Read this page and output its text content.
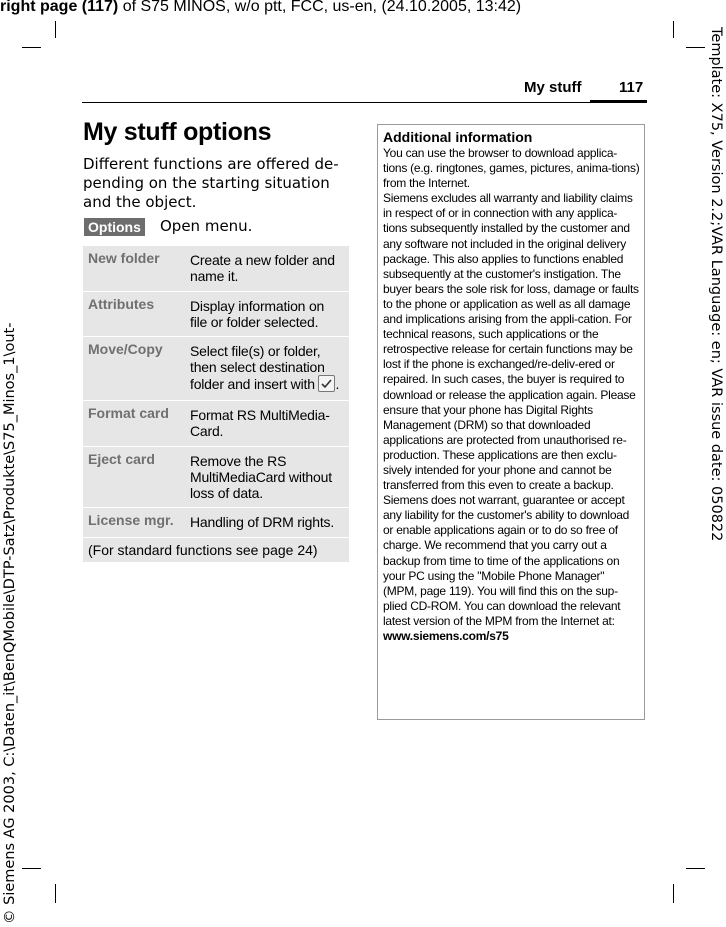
right page (117) of S75 MINOS, w/o ptt, FCC, us-en, (24.10.2005, 13:42)
© Siemens AG 2003, C:\Daten_it\BenQMobile\DTP-Satz\Produkte\S75_Minos_1\out-
Template: X75, Version 2.2;VAR Language: en; VAR issue date: 050822
My stuff	117
My stuff options
Different functions are offered de-pending on the starting situation and the object.
Options Open menu.
New folder	Create a new folder and name it.
Attributes	Display information on file or folder selected.
Move/Copy	Select file(s) or folder, then select destination folder and insert with .
Format card	Format RS MultiMedia-Card.
Eject card	Remove the RS MultiMediaCard without loss of data.
License mgr.	Handling of DRM rights.
(For standard functions see page 24)
Additional information
You can use the browser to download applica-tions (e.g. ringtones, games, pictures, anima-tions) from the Internet.
Siemens excludes all warranty and liability claims in respect of or in connection with any applica-tions subsequently installed by the customer and any software not included in the original delivery package. This also applies to functions enabled subsequently at the customer's instigation. The buyer bears the sole risk for loss, damage or faults to the phone or application as well as all damage and implications arising from the appli-cation. For technical reasons, such applications or the retrospective release for certain functions may be lost if the phone is exchanged/re-deliv-ered or repaired. In such cases, the buyer is required to download or release the application again. Please ensure that your phone has Digital Rights Management (DRM) so that downloaded applications are protected from unauthorised re-production. These applications are then exclu-sively intended for your phone and cannot be transferred from this even to create a backup. Siemens does not warrant, guarantee or accept any liability for the customer's ability to download or enable applications again or to do so free of charge. We recommend that you carry out a backup from time to time of the applications on your PC using the "Mobile Phone Manager" (MPM, page 119). You will find this on the sup-plied CD-ROM. You can download the relevant latest version of the MPM from the Internet at:
www.siemens.com/s75
